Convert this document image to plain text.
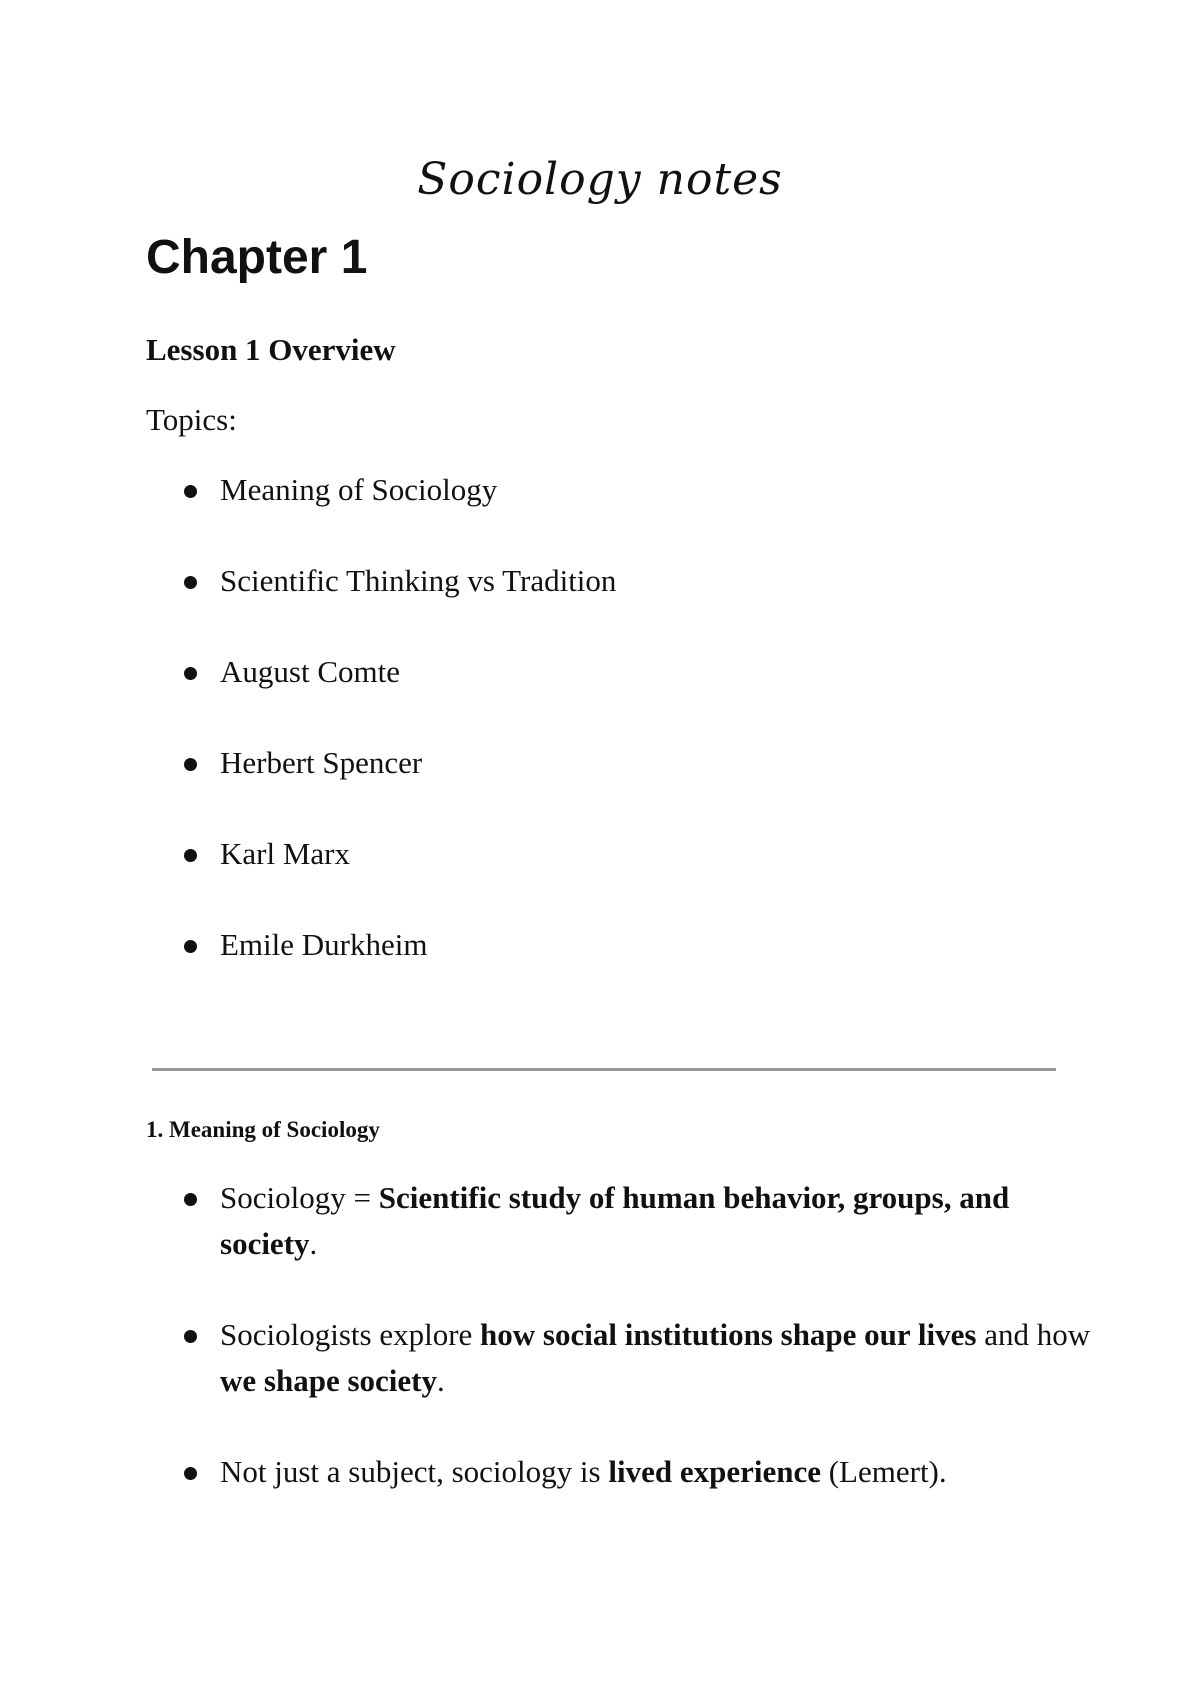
Sociology notes
Chapter 1
Lesson 1 Overview

Topics:

Meaning of Sociology
Scientific Thinking vs Tradition
August Comte
Herbert Spencer
Karl Marx
Emile Durkheim
1. Meaning of Sociology
Sociology = Scientific study of human behavior, groups, and society.
Sociologists explore how social institutions shape our lives and how we shape society.
Not just a subject, sociology is lived experience (Lemert).
